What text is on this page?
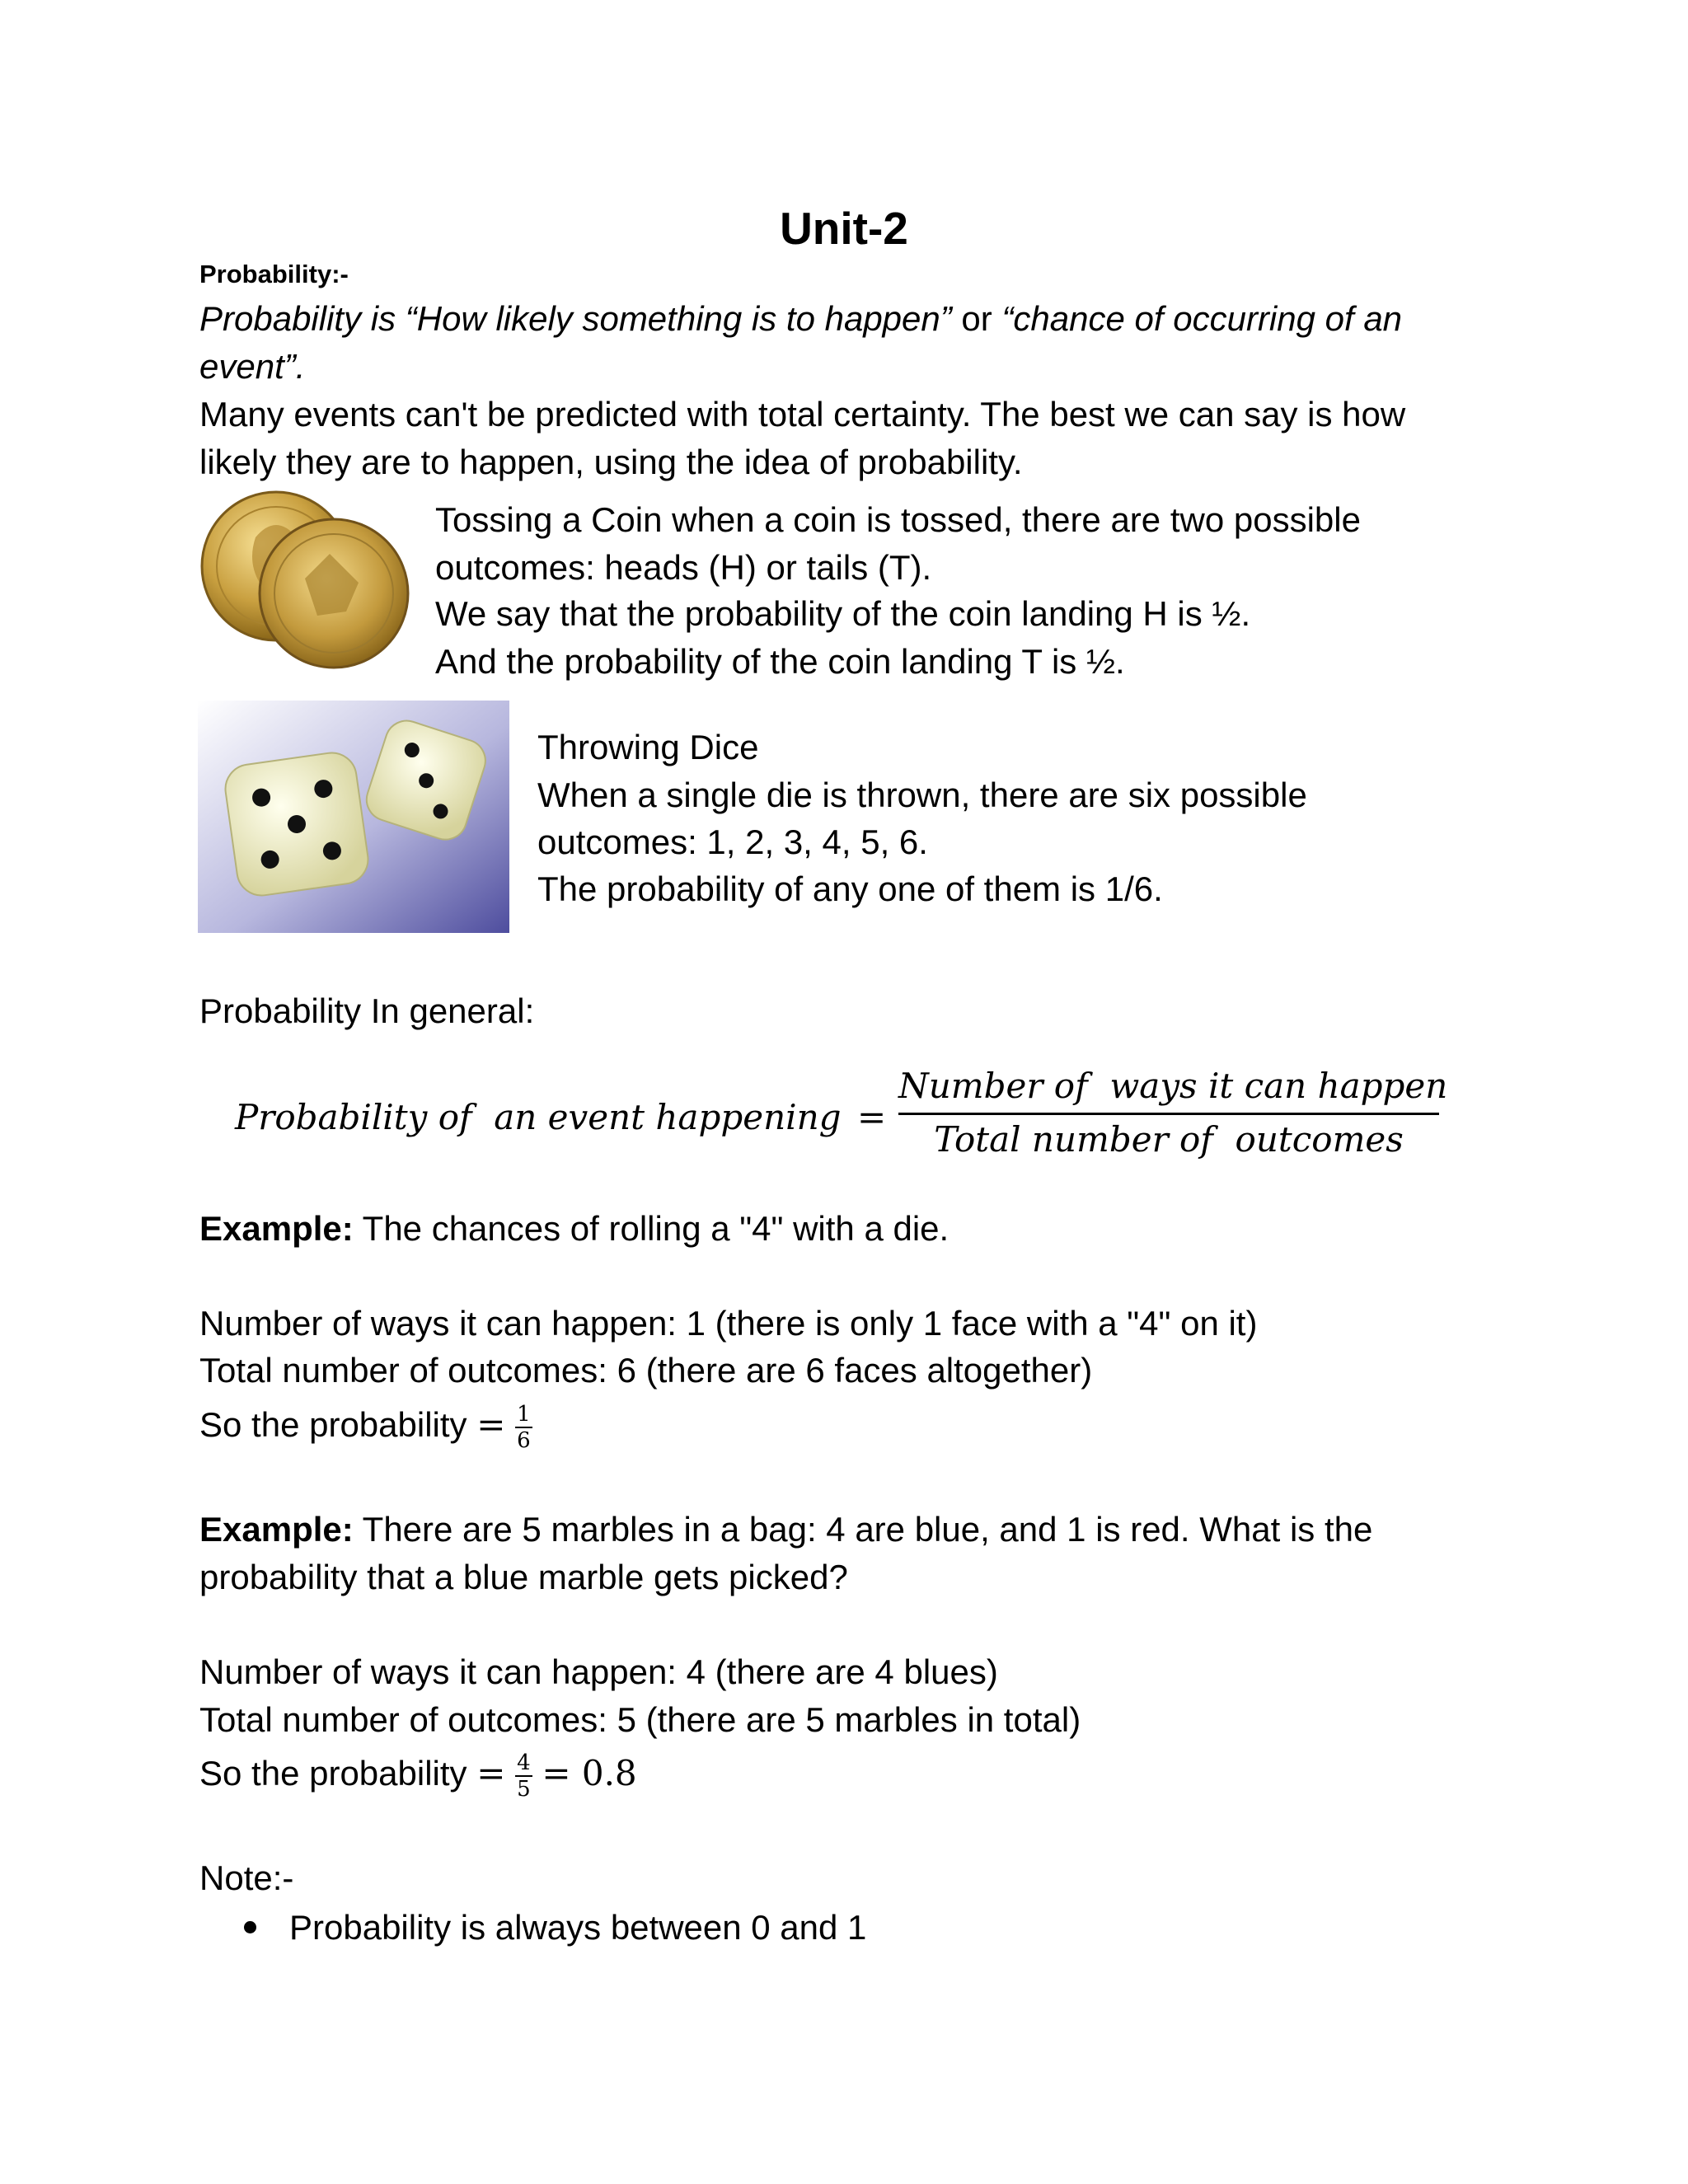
Unit-2
Probability:-
Probability is “How likely something is to happen” or “chance of occurring of an
event”.
Many events can't be predicted with total certainty. The best we can say is how
likely they are to happen, using the idea of probability.
Tossing a Coin when a coin is tossed, there are two possible
outcomes: heads (H) or tails (T).
We say that the probability of the coin landing H is ½.
And the probability of the coin landing T is ½.
Throwing Dice
When a single die is thrown, there are six possible
outcomes: 1, 2, 3, 4, 5, 6.
The probability of any one of them is 1/6.
Probability In general:
Probability of  an event happening =
Number of  ways it can happen
Total number of  outcomes
Example: The chances of rolling a "4" with a die.
Number of ways it can happen: 1 (there is only 1 face with a "4" on it)
Total number of outcomes: 6 (there are 6 faces altogether)
So the probability = $\frac{1}{6}$
Example: There are 5 marbles in a bag: 4 are blue, and 1 is red. What is the
probability that a blue marble gets picked?
Number of ways it can happen: 4 (there are 4 blues)
Total number of outcomes: 5 (there are 5 marbles in total)
So the probability = $\frac{4}{5} = 0.8$
Note:-
Probability is always between 0 and 1
